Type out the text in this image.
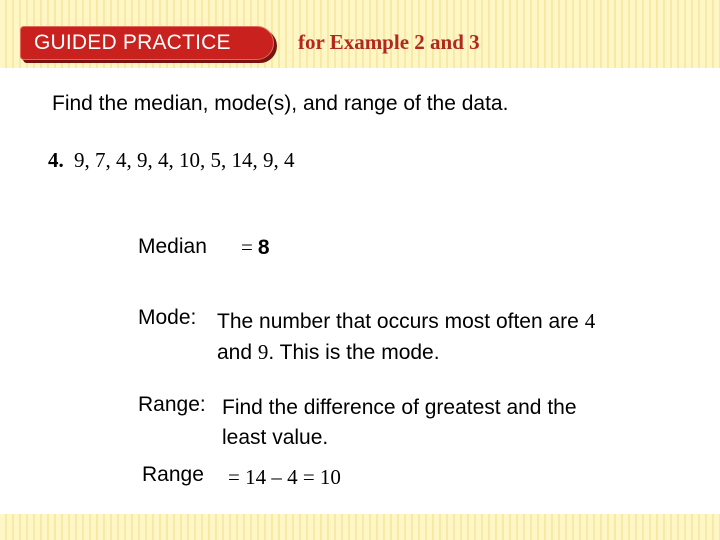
GUIDED PRACTICE	for Example 2 and 3
Find the median, mode(s), and range of the data.
4. 9, 7, 4, 9, 4, 10, 5, 14, 9, 4
Median = 8
Mode: The number that occurs most often are 4
and 9. This is the mode.
Range: Find the difference of greatest and the
least value.
Range = 14 – 4 = 10
